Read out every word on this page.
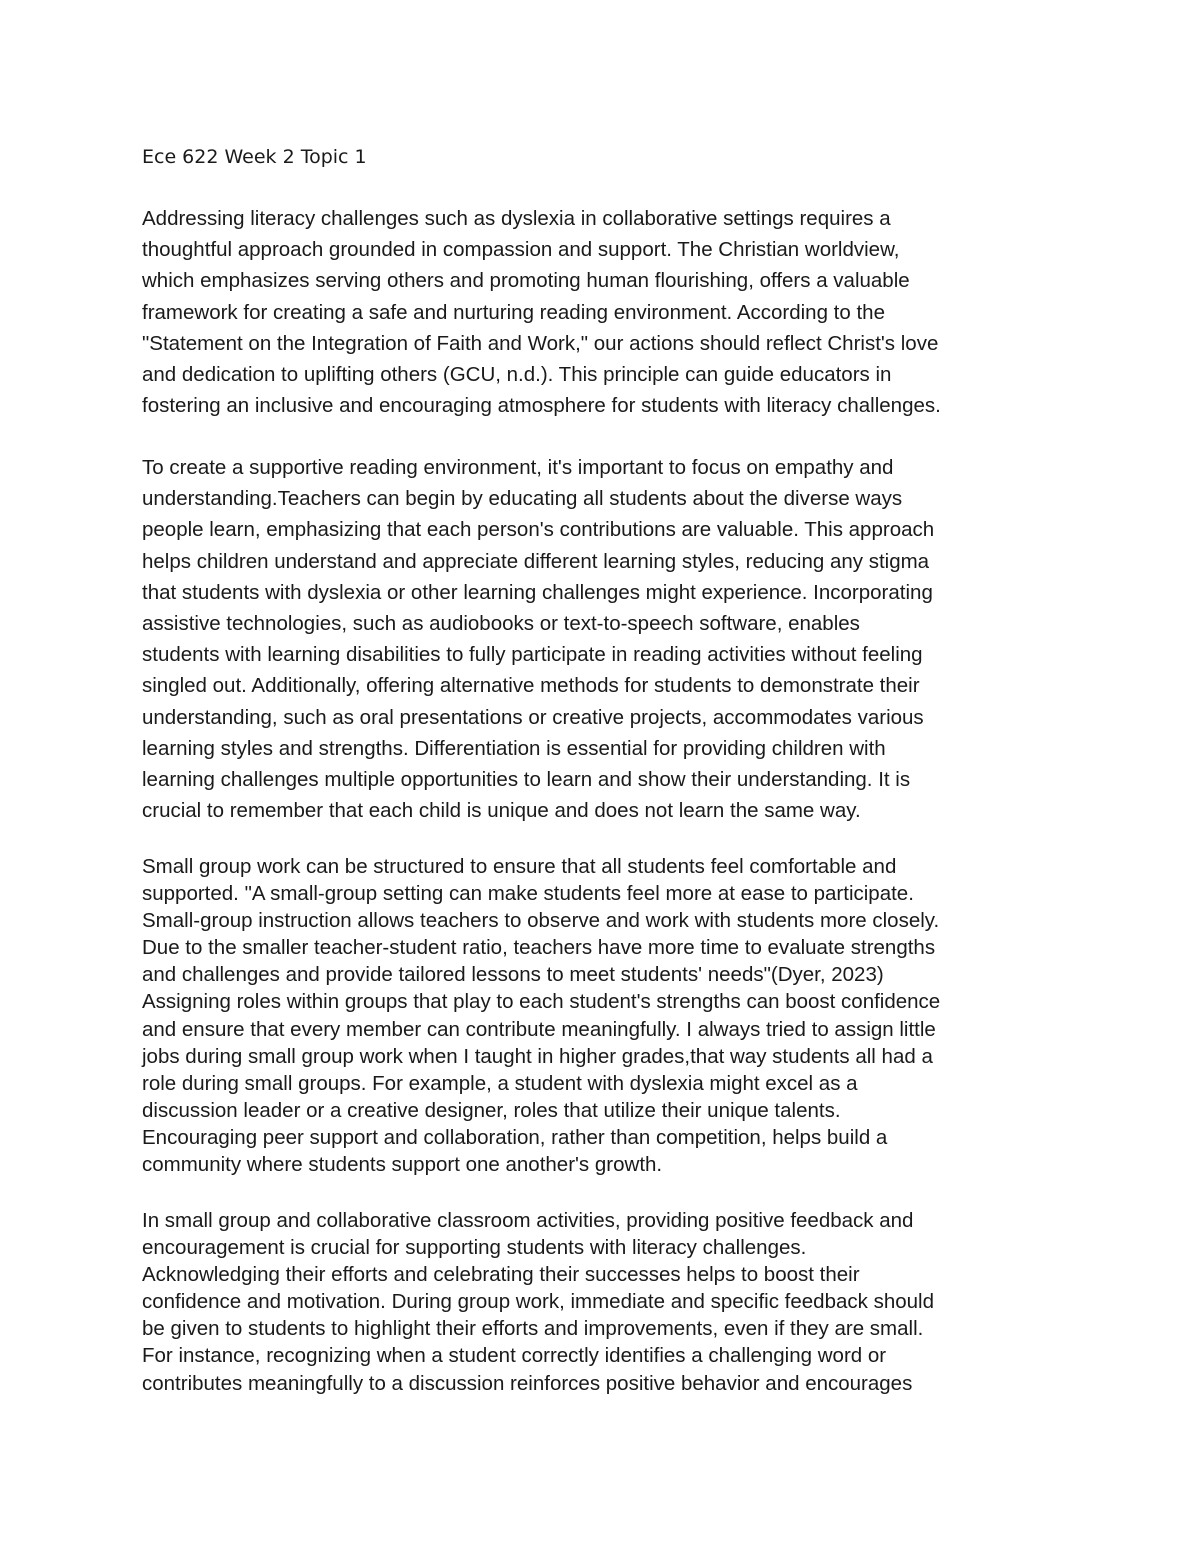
Ece 622 Week 2 Topic 1

Addressing literacy challenges such as dyslexia in collaborative settings requires a
thoughtful approach grounded in compassion and support. The Christian worldview,
which emphasizes serving others and promoting human flourishing, offers a valuable
framework for creating a safe and nurturing reading environment. According to the
"Statement on the Integration of Faith and Work," our actions should reflect Christ's love
and dedication to uplifting others (GCU, n.d.). This principle can guide educators in
fostering an inclusive and encouraging atmosphere for students with literacy challenges.

To create a supportive reading environment, it's important to focus on empathy and
understanding.Teachers can begin by educating all students about the diverse ways
people learn, emphasizing that each person's contributions are valuable. This approach
helps children understand and appreciate different learning styles, reducing any stigma
that students with dyslexia or other learning challenges might experience. Incorporating
assistive technologies, such as audiobooks or text-to-speech software, enables
students with learning disabilities to fully participate in reading activities without feeling
singled out. Additionally, offering alternative methods for students to demonstrate their
understanding, such as oral presentations or creative projects, accommodates various
learning styles and strengths. Differentiation is essential for providing children with
learning challenges multiple opportunities to learn and show their understanding. It is
crucial to remember that each child is unique and does not learn the same way.

Small group work can be structured to ensure that all students feel comfortable and
supported. "A small-group setting can make students feel more at ease to participate.
Small-group instruction allows teachers to observe and work with students more closely.
Due to the smaller teacher-student ratio, teachers have more time to evaluate strengths
and challenges and provide tailored lessons to meet students' needs"(Dyer, 2023)
Assigning roles within groups that play to each student's strengths can boost confidence
and ensure that every member can contribute meaningfully. I always tried to assign little
jobs during small group work when I taught in higher grades,that way students all had a
role during small groups. For example, a student with dyslexia might excel as a
discussion leader or a creative designer, roles that utilize their unique talents.
Encouraging peer support and collaboration, rather than competition, helps build a
community where students support one another's growth.

In small group and collaborative classroom activities, providing positive feedback and
encouragement is crucial for supporting students with literacy challenges.
Acknowledging their efforts and celebrating their successes helps to boost their
confidence and motivation. During group work, immediate and specific feedback should
be given to students to highlight their efforts and improvements, even if they are small.
For instance, recognizing when a student correctly identifies a challenging word or
contributes meaningfully to a discussion reinforces positive behavior and encourages
